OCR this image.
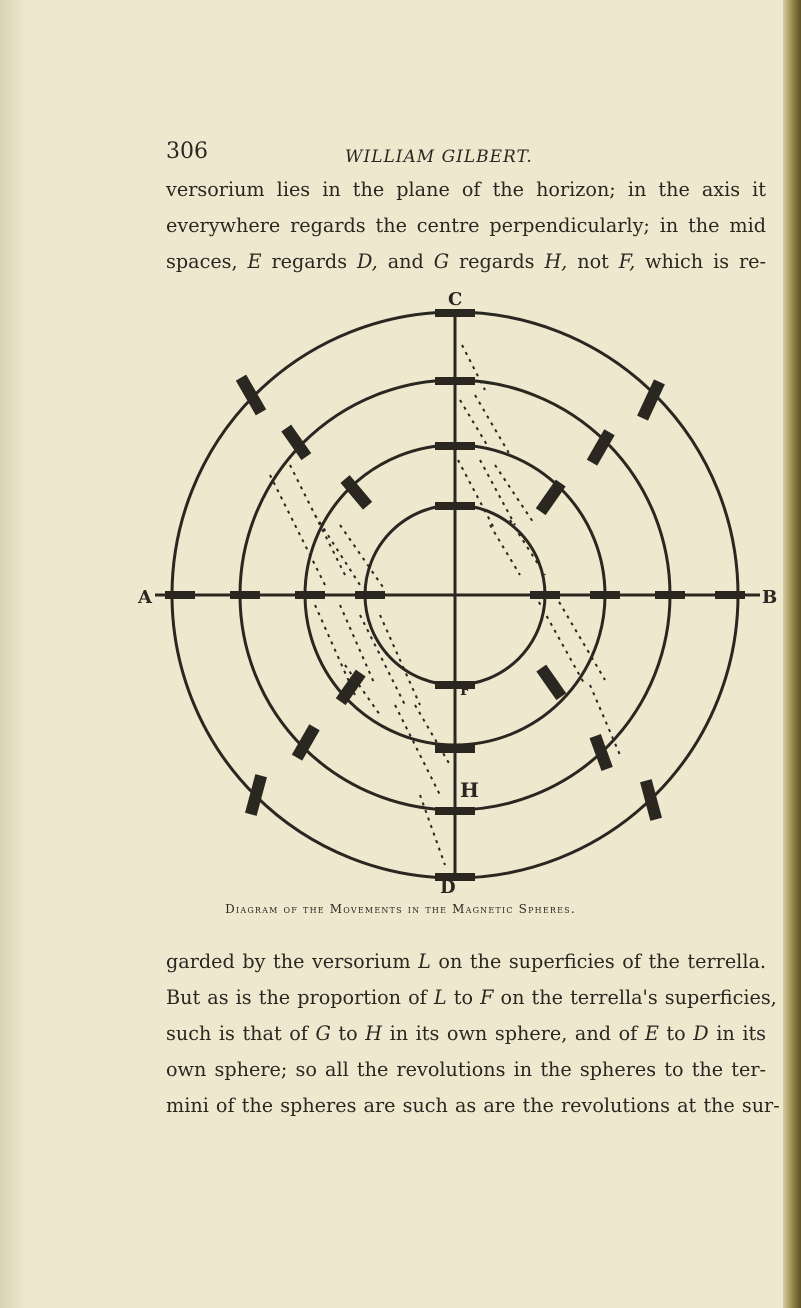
306	WILLIAM GILBERT.
versorium lies in the plane of the horizon; in the axis it
everywhere regards the centre perpendicularly; in the mid
spaces, E regards D, and G regards H, not F, which is re-
C
A	B
D
H
F
Diagram of the Movements in the Magnetic Spheres.
garded by the versorium L on the superficies of the terrella.
But as is the proportion of L to F on the terrella's superficies,
such is that of G to H in its own sphere, and of E to D in its
own sphere; so all the revolutions in the spheres to the ter-
mini of the spheres are such as are the revolutions at the sur-
